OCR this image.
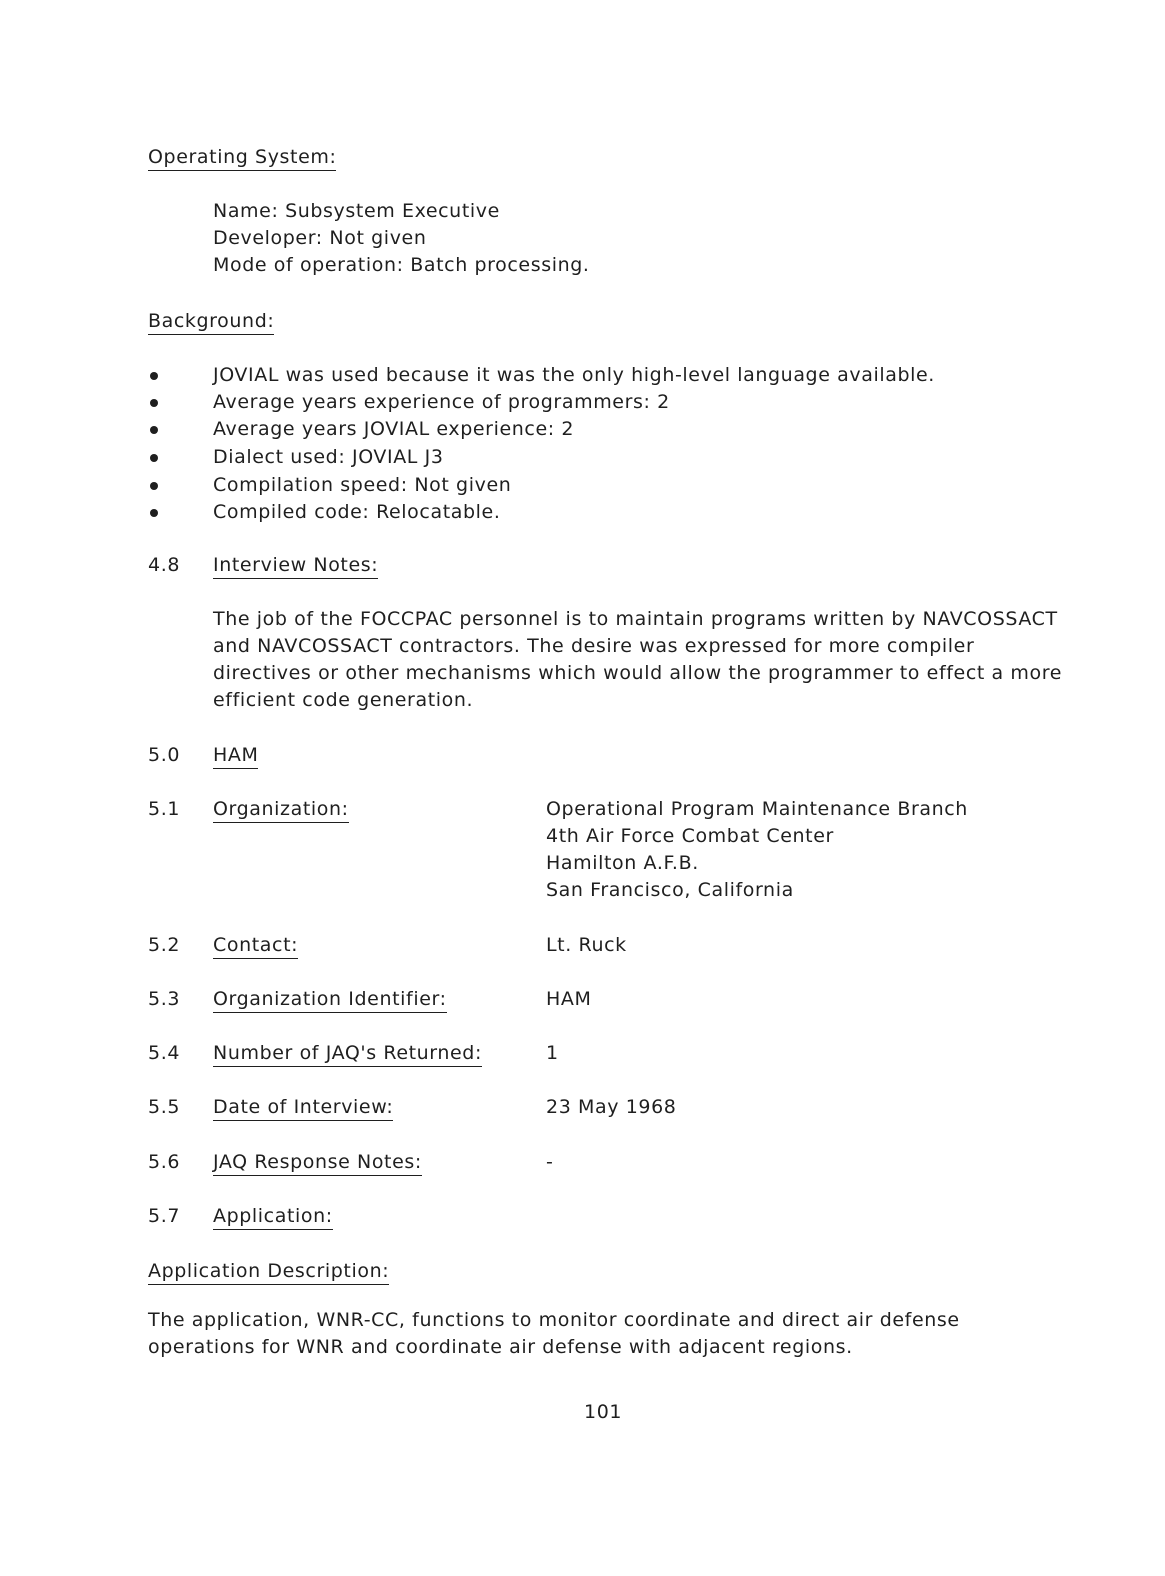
Operating System:
Name: Subsystem Executive
Developer: Not given
Mode of operation: Batch processing.
Background:
JOVIAL was used because it was the only high-level language available.
Average years experience of programmers: 2
Average years JOVIAL experience: 2
Dialect used: JOVIAL J3
Compilation speed: Not given
Compiled code: Relocatable.
4.8 Interview Notes:
The job of the FOCCPAC personnel is to maintain programs written by NAVCOSSACT
and NAVCOSSACT contractors. The desire was expressed for more compiler
directives or other mechanisms which would allow the programmer to effect a more
efficient code generation.
5.0 HAM
5.1 Organization:	Operational Program Maintenance Branch
4th Air Force Combat Center
Hamilton A.F.B.
San Francisco, California
5.2 Contact:	Lt. Ruck
5.3 Organization Identifier:	HAM
5.4 Number of JAQ's Returned:	1
5.5 Date of Interview:	23 May 1968
5.6 JAQ Response Notes:	-
5.7 Application:
Application Description:
The application, WNR-CC, functions to monitor coordinate and direct air defense
operations for WNR and coordinate air defense with adjacent regions.
101
